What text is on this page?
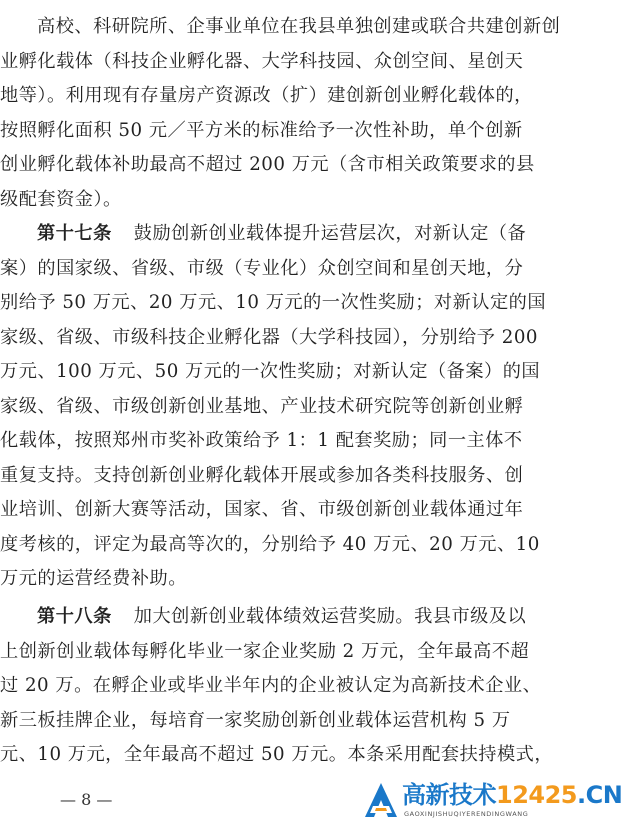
高校、科研院所、企事业单位在我县单独创建或联合共建创新创
业孵化载体（科技企业孵化器、大学科技园、众创空间、星创天
地等）。利用现有存量房产资源改（扩）建创新创业孵化载体的，
按照孵化面积 50 元／平方米的标准给予一次性补助，单个创新
创业孵化载体补助最高不超过 200 万元（含市相关政策要求的县
级配套资金）。
第十七条 鼓励创新创业载体提升运营层次，对新认定（备
案）的国家级、省级、市级（专业化）众创空间和星创天地，分
别给予 50 万元、20 万元、10 万元的一次性奖励；对新认定的国
家级、省级、市级科技企业孵化器（大学科技园），分别给予 200
万元、100 万元、50 万元的一次性奖励；对新认定（备案）的国
家级、省级、市级创新创业基地、产业技术研究院等创新创业孵
化载体，按照郑州市奖补政策给予 1：1 配套奖励；同一主体不
重复支持。支持创新创业孵化载体开展或参加各类科技服务、创
业培训、创新大赛等活动，国家、省、市级创新创业载体通过年
度考核的，评定为最高等次的，分别给予 40 万元、20 万元、10
万元的运营经费补助。
第十八条 加大创新创业载体绩效运营奖励。我县市级及以
上创新创业载体每孵化毕业一家企业奖励 2 万元，全年最高不超
过 20 万。在孵企业或毕业半年内的企业被认定为高新技术企业、
新三板挂牌企业，每培育一家奖励创新创业载体运营机构 5 万
元、10 万元，全年最高不超过 50 万元。本条采用配套扶持模式，
— 8 —	高新技术12425.CN
GAOXINJISHUQIYERENDINGWANG
